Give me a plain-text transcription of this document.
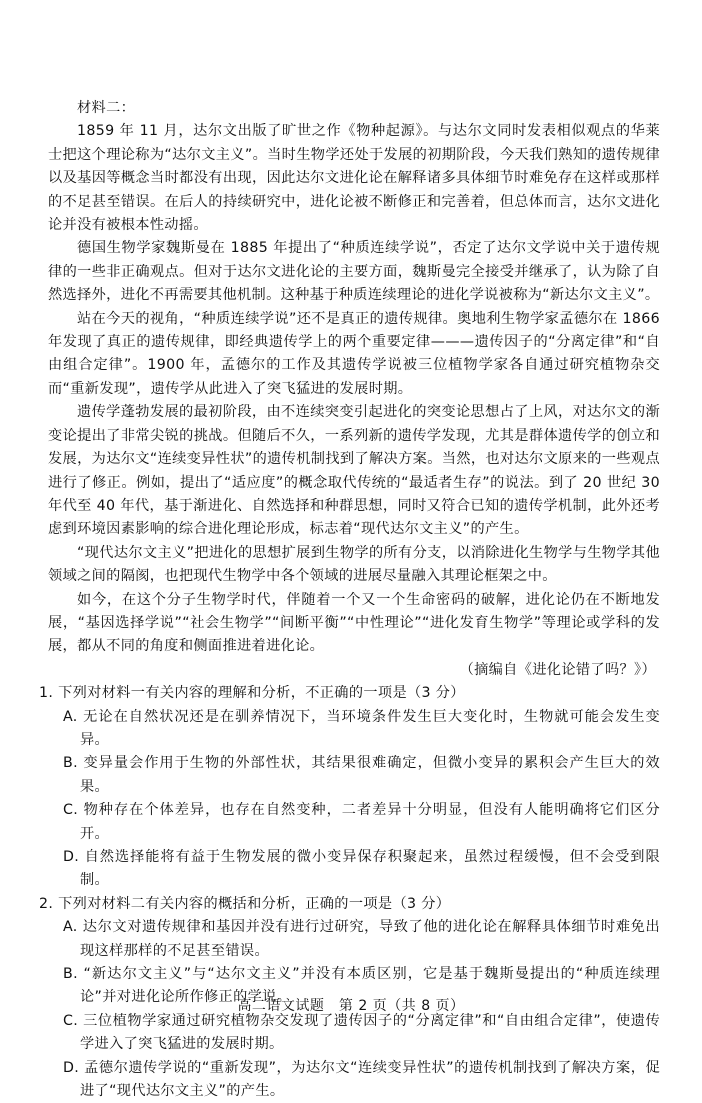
材料二：

1859 年 11 月，达尔文出版了旷世之作《物种起源》。与达尔文同时发表相似观点的华莱士把这个理论称为“达尔文主义”。当时生物学还处于发展的初期阶段，今天我们熟知的遗传规律以及基因等概念当时都没有出现，因此达尔文进化论在解释诸多具体细节时难免存在这样或那样的不足甚至错误。在后人的持续研究中，进化论被不断修正和完善着，但总体而言，达尔文进化论并没有被根本性动摇。

德国生物学家魏斯曼在 1885 年提出了“种质连续学说”，否定了达尔文学说中关于遗传规律的一些非正确观点。但对于达尔文进化论的主要方面，魏斯曼完全接受并继承了，认为除了自然选择外，进化不再需要其他机制。这种基于种质连续理论的进化学说被称为“新达尔文主义”。

站在今天的视角，“种质连续学说”还不是真正的遗传规律。奥地利生物学家孟德尔在 1866 年发现了真正的遗传规律，即经典遗传学上的两个重要定律———遗传因子的“分离定律”和“自由组合定律”。1900 年，孟德尔的工作及其遗传学说被三位植物学家各自通过研究植物杂交而“重新发现”，遗传学从此进入了突飞猛进的发展时期。

遗传学蓬勃发展的最初阶段，由不连续突变引起进化的突变论思想占了上风，对达尔文的渐变论提出了非常尖锐的挑战。但随后不久，一系列新的遗传学发现，尤其是群体遗传学的创立和发展，为达尔文“连续变异性状”的遗传机制找到了解决方案。当然，也对达尔文原来的一些观点进行了修正。例如，提出了“适应度”的概念取代传统的“最适者生存”的说法。到了 20 世纪 30 年代至 40 年代，基于渐进化、自然选择和种群思想，同时又符合已知的遗传学机制，此外还考虑到环境因素影响的综合进化理论形成，标志着“现代达尔文主义”的产生。

“现代达尔文主义”把进化的思想扩展到生物学的所有分支，以消除进化生物学与生物学其他领域之间的隔阂，也把现代生物学中各个领域的进展尽量融入其理论框架之中。

如今，在这个分子生物学时代，伴随着一个又一个生命密码的破解，进化论仍在不断地发展，“基因选择学说”“社会生物学”“间断平衡”“中性理论”“进化发育生物学”等理论或学科的发展，都从不同的角度和侧面推进着进化论。

（摘编自《进化论错了吗？》）

1. 下列对材料一有关内容的理解和分析，不正确的一项是（3 分）

A. 无论在自然状况还是在驯养情况下，当环境条件发生巨大变化时，生物就可能会发生变异。

B. 变异量会作用于生物的外部性状，其结果很难确定，但微小变异的累积会产生巨大的效果。

C. 物种存在个体差异，也存在自然变种，二者差异十分明显，但没有人能明确将它们区分开。

D. 自然选择能将有益于生物发展的微小变异保存积聚起来，虽然过程缓慢，但不会受到限制。

2. 下列对材料二有关内容的概括和分析，正确的一项是（3 分）

A. 达尔文对遗传规律和基因并没有进行过研究，导致了他的进化论在解释具体细节时难免出现这样那样的不足甚至错误。

B. “新达尔文主义”与“达尔文主义”并没有本质区别，它是基于魏斯曼提出的“种质连续理论”并对进化论所作修正的学说。

C. 三位植物学家通过研究植物杂交发现了遗传因子的“分离定律”和“自由组合定律”，使遗传学进入了突飞猛进的发展时期。

D. 孟德尔遗传学说的“重新发现”，为达尔文“连续变异性状”的遗传机制找到了解决方案，促进了“现代达尔文主义”的产生。

高二语文试题　第 2 页（共 8 页）
